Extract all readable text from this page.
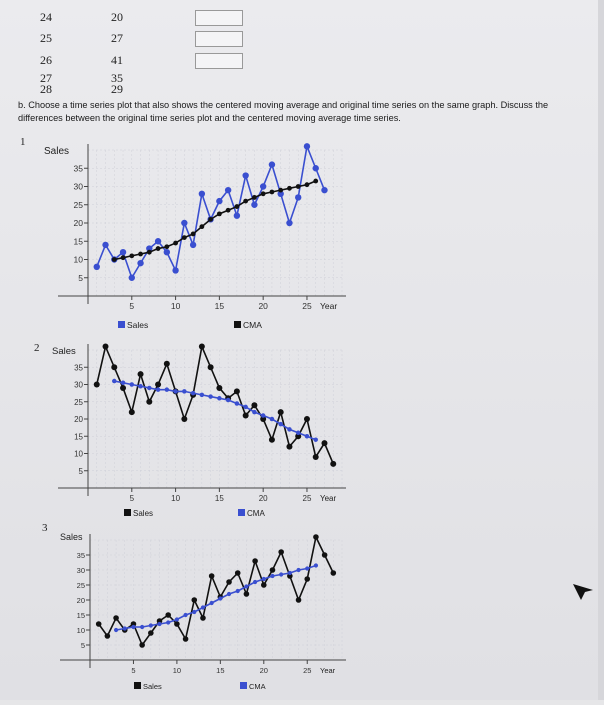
24	20
25	27
26	41
27	35
28	29
b. Choose a time series plot that also shows the centered moving average and original time series on the same graph. Discuss the differences between the original time series plot and the centered moving average time series.
1
2
3
Sales
Year
5
10
15
20
25
30
35
5	10	15	20	25
Sales	CMA
Sales
Year
5
10
15
20
25
30
35
5	10	15	20	25
Sales	CMA
Sales
Year
5
10
15
20
25
30
35
5	10	15	20	25
Sales	CMA
